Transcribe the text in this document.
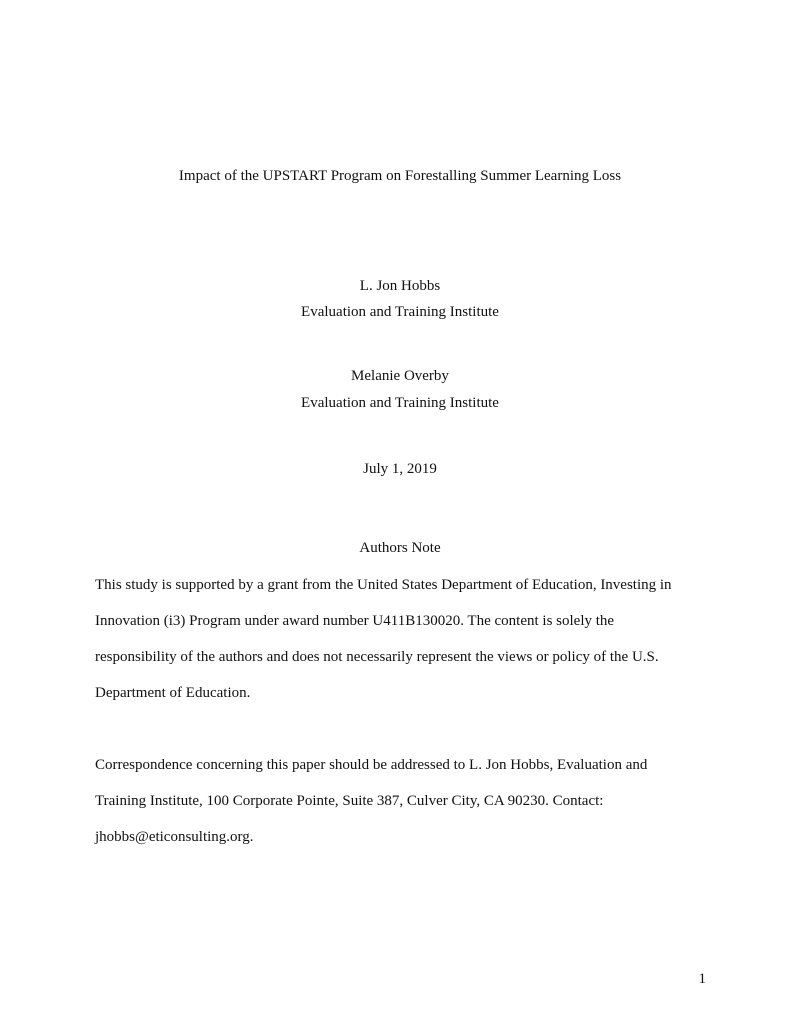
Impact of the UPSTART Program on Forestalling Summer Learning Loss
L. Jon Hobbs
Evaluation and Training Institute
Melanie Overby
Evaluation and Training Institute
July 1, 2019
Authors Note
This study is supported by a grant from the United States Department of Education, Investing in
Innovation (i3) Program under award number U411B130020. The content is solely the
responsibility of the authors and does not necessarily represent the views or policy of the U.S.
Department of Education.
Correspondence concerning this paper should be addressed to L. Jon Hobbs, Evaluation and
Training Institute, 100 Corporate Pointe, Suite 387, Culver City, CA 90230. Contact:
jhobbs@eticonsulting.org.
1
